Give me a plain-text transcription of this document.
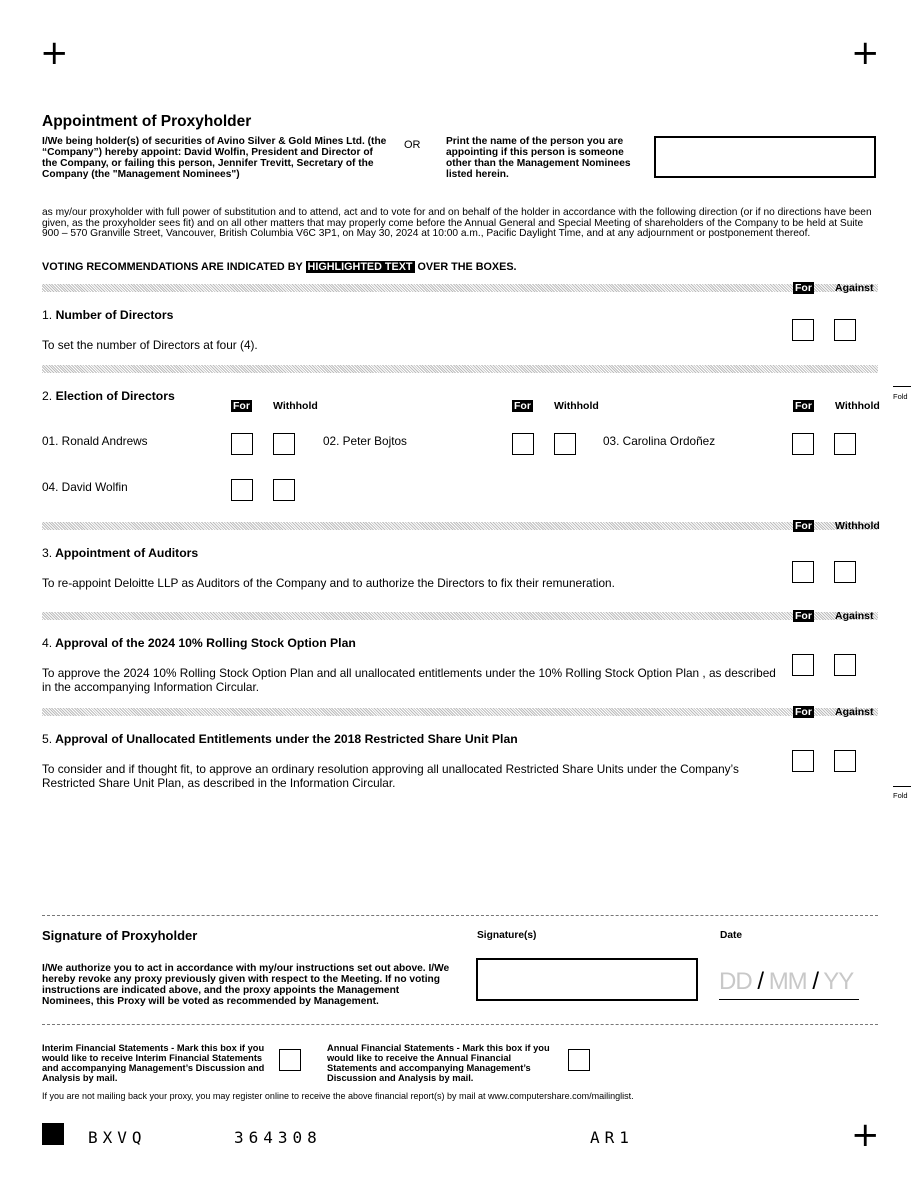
+	+
+
Appointment of Proxyholder
I/We being holder(s) of securities of Avino Silver & Gold Mines Ltd. (the “Company”) hereby appoint: David Wolfin, President and Director of the Company, or failing this person, Jennifer Trevitt, Secretary of the Company (the "Management Nominees")
OR	Print the name of the person you are appointing if this person is someone other than the Management Nominees listed herein.
as my/our proxyholder with full power of substitution and to attend, act and to vote for and on behalf of the holder in accordance with the following direction (or if no directions have been given, as the proxyholder sees fit) and on all other matters that may properly come before the Annual General and Special Meeting of shareholders of the Company to be held at Suite 900 – 570 Granville Street, Vancouver, British Columbia V6C 3P1, on May 30, 2024 at 10:00 a.m., Pacific Daylight Time, and at any adjournment or postponement thereof.
VOTING RECOMMENDATIONS ARE INDICATED BY HIGHLIGHTED TEXT OVER THE BOXES.
For Against
1. Number of Directors
To set the number of Directors at four (4).
2. Election of Directors
For Withhold	For Withhold	For Withhold
01. Ronald Andrews	02. Peter Bojtos	03. Carolina Ordoñez
04. David Wolfin
Fold
For Withhold
3. Appointment of Auditors
To re-appoint Deloitte LLP as Auditors of the Company and to authorize the Directors to fix their remuneration.
For Against
4. Approval of the 2024 10% Rolling Stock Option Plan
To approve the 2024 10% Rolling Stock Option Plan and all unallocated entitlements under the 10% Rolling Stock Option Plan , as described in the accompanying Information Circular.
For Against
5. Approval of Unallocated Entitlements under the 2018 Restricted Share Unit Plan
To consider and if thought fit, to approve an ordinary resolution approving all unallocated Restricted Share Units under the Company’s Restricted Share Unit Plan, as described in the Information Circular.
Fold
Signature of Proxyholder
I/We authorize you to act in accordance with my/our instructions set out above. I/We hereby revoke any proxy previously given with respect to the Meeting. If no voting instructions are indicated above, and the proxy appoints the Management Nominees, this Proxy will be voted as recommended by Management.
Signature(s)	Date
DD / MM / YY
Interim Financial Statements - Mark this box if you would like to receive Interim Financial Statements and accompanying Management’s Discussion and Analysis by mail.
Annual Financial Statements - Mark this box if you would like to receive the Annual Financial Statements and accompanying Management’s Discussion and Analysis by mail.
If you are not mailing back your proxy, you may register online to receive the above financial report(s) by mail at www.computershare.com/mailinglist.
BXVQ	364308	AR1
